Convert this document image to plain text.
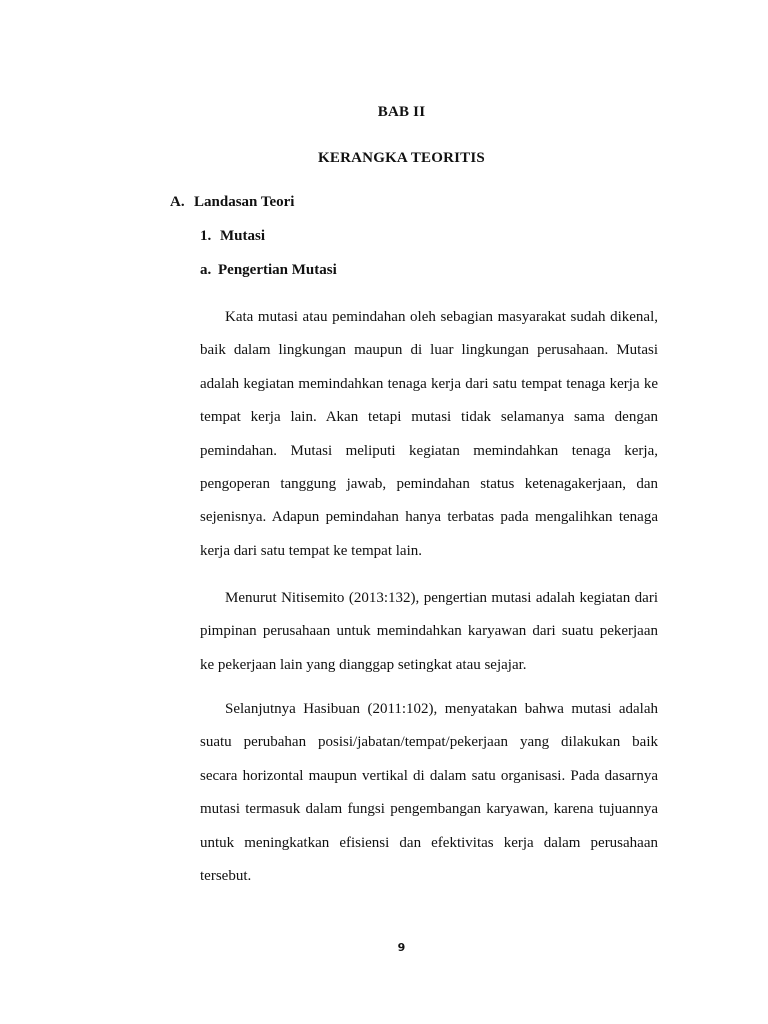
BAB II
KERANGKA TEORITIS
A. Landasan Teori
1. Mutasi
a. Pengertian Mutasi

Kata mutasi atau pemindahan oleh sebagian masyarakat sudah dikenal, baik dalam lingkungan maupun di luar lingkungan perusahaan. Mutasi adalah kegiatan memindahkan tenaga kerja dari satu tempat tenaga kerja ke tempat kerja lain. Akan tetapi mutasi tidak selamanya sama dengan pemindahan. Mutasi meliputi kegiatan memindahkan tenaga kerja, pengoperan tanggung jawab, pemindahan status ketenagakerjaan, dan sejenisnya. Adapun pemindahan hanya terbatas pada mengalihkan tenaga kerja dari satu tempat ke tempat lain.

Menurut Nitisemito (2013:132), pengertian mutasi adalah kegiatan dari pimpinan perusahaan untuk memindahkan karyawan dari suatu pekerjaan ke pekerjaan lain yang dianggap setingkat atau sejajar.

Selanjutnya Hasibuan (2011:102), menyatakan bahwa mutasi adalah suatu perubahan posisi/jabatan/tempat/pekerjaan yang dilakukan baik secara horizontal maupun vertikal di dalam satu organisasi. Pada dasarnya mutasi termasuk dalam fungsi pengembangan karyawan, karena tujuannya untuk meningkatkan efisiensi dan efektivitas kerja dalam perusahaan tersebut.

9
